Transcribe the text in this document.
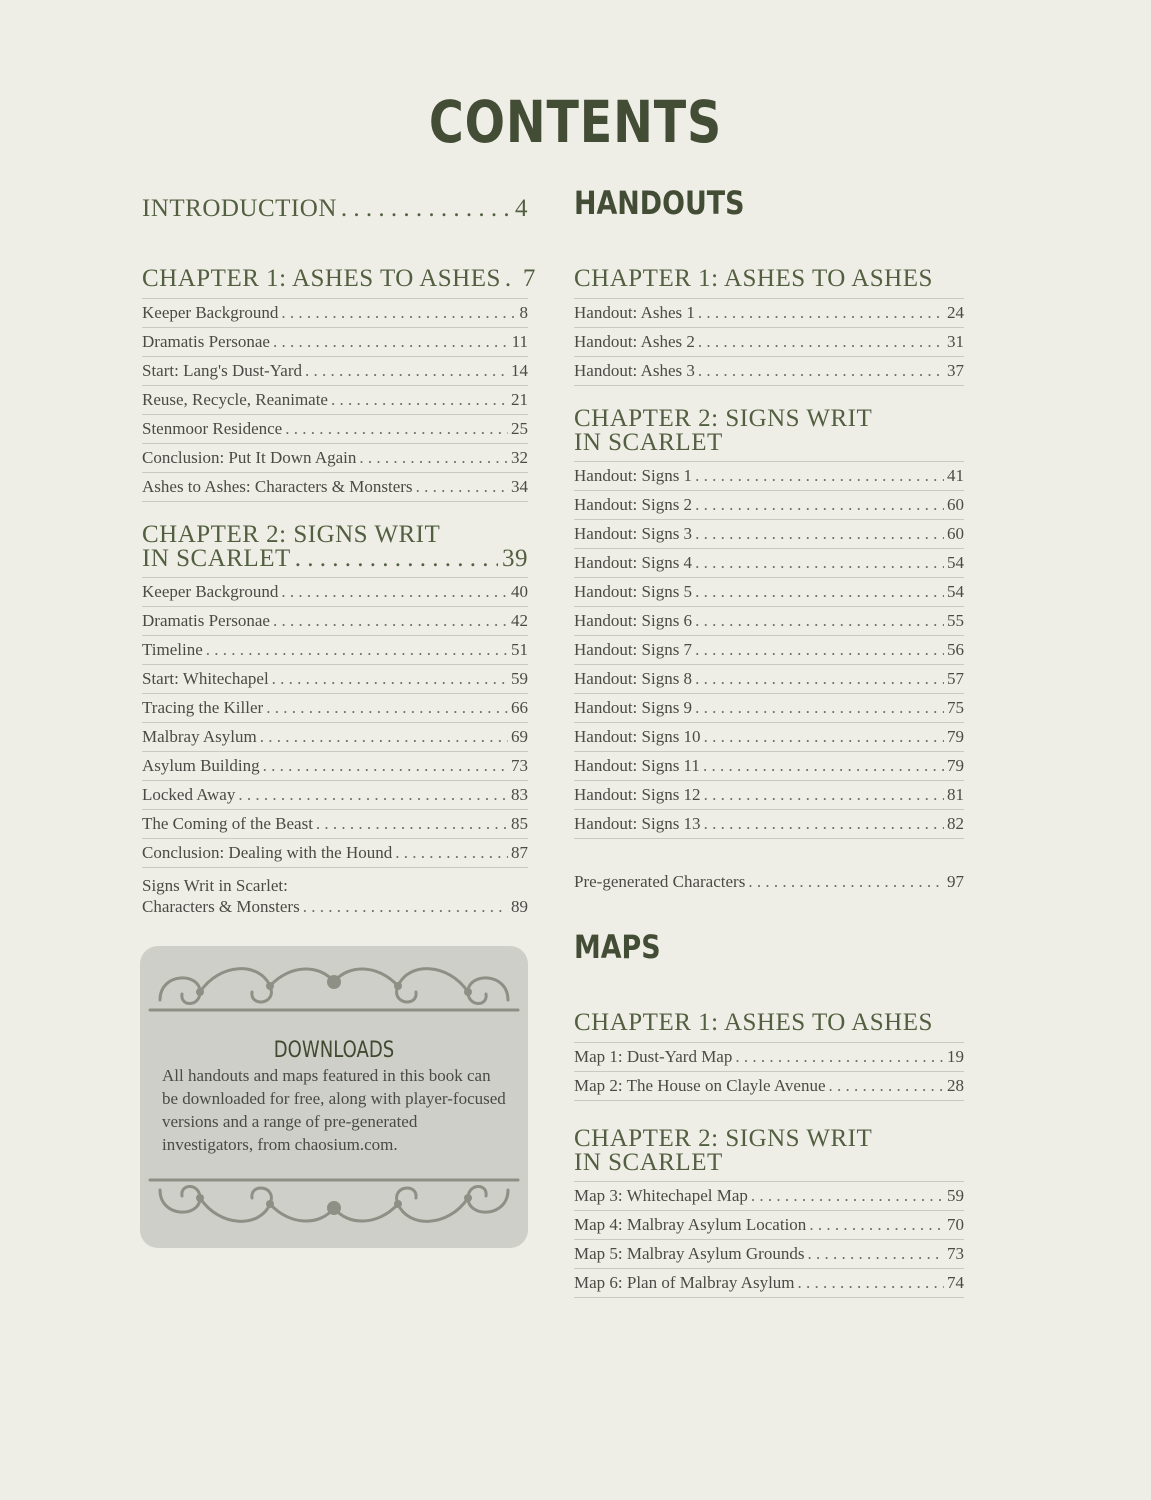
CONTENTS
INTRODUCTION . . .	4
CHAPTER 1: ASHES TO ASHES . . . 7
Keeper Background . . .	8
Dramatis Personae . . .	11
Start: Lang's Dust-Yard . . .	14
Reuse, Recycle, Reanimate . . .	21
Stenmoor Residence . . .	25
Conclusion: Put It Down Again . . .	32
Ashes to Ashes: Characters & Monsters . . .	34
CHAPTER 2: SIGNS WRIT
IN SCARLET . . .	39
Keeper Background . . .	40
Dramatis Personae . . .	42
Timeline . . .	51
Start: Whitechapel . . .	59
Tracing the Killer . . .	66
Malbray Asylum . . .	69
Asylum Building . . .	73
Locked Away . . .	83
The Coming of the Beast . . .	85
Conclusion: Dealing with the Hound . . .	87
Signs Writ in Scarlet:
Characters & Monsters . . .	89
DOWNLOADS
All handouts and maps featured in this book can be downloaded for free, along with player-focused versions and a range of pre-generated investigators, from chaosium.com.
HANDOUTS
CHAPTER 1: ASHES TO ASHES
Handout: Ashes 1 . . .	24
Handout: Ashes 2 . . .	31
Handout: Ashes 3 . . .	37
CHAPTER 2: SIGNS WRIT
IN SCARLET
Handout: Signs 1 . . .	41
Handout: Signs 2 . . .	60
Handout: Signs 3 . . .	60
Handout: Signs 4 . . .	54
Handout: Signs 5 . . .	54
Handout: Signs 6 . . .	55
Handout: Signs 7 . . .	56
Handout: Signs 8 . . .	57
Handout: Signs 9 . . .	75
Handout: Signs 10 . . .	79
Handout: Signs 11 . . .	79
Handout: Signs 12 . . .	81
Handout: Signs 13 . . .	82
Pre-generated Characters . . .	97
MAPS
CHAPTER 1: ASHES TO ASHES
Map 1: Dust-Yard Map . . .	19
Map 2: The House on Clayle Avenue . . .	28
CHAPTER 2: SIGNS WRIT
IN SCARLET
Map 3: Whitechapel Map . . .	59
Map 4: Malbray Asylum Location . . .	70
Map 5: Malbray Asylum Grounds . . .	73
Map 6: Plan of Malbray Asylum . . .	74
